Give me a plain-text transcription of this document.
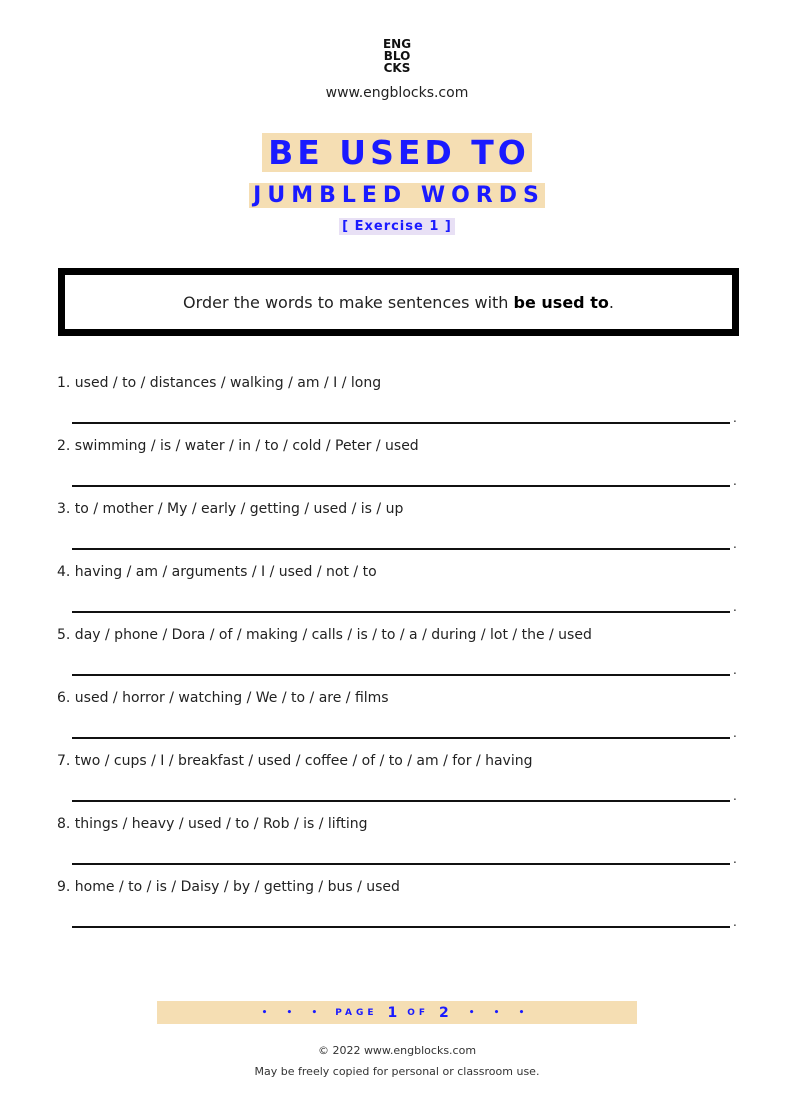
ENG
BLO
CKS
www.engblocks.com
BE USED TO
JUMBLED WORDS
[ Exercise 1 ]
Order the words to make sentences with be used to .
1. used / to / distances / walking / am / I / long
.
2. swimming / is / water / in / to / cold / Peter / used
.
3. to / mother / My / early / getting / used / is / up
.
4. having / am / arguments / I / used / not / to
.
5. day / phone / Dora / of / making / calls / is / to / a / during / lot / the / used
.
6. used / horror / watching / We / to / are / films
.
7. two / cups / I / breakfast / used / coffee / of / to / am / for / having
.
8. things / heavy / used / to / Rob / is / lifting
.
9. home / to / is / Daisy / by / getting / bus / used
.
• • • PAGE 1 OF 2 • • •
© 2022 www.engblocks.com
May be freely copied for personal or classroom use.
